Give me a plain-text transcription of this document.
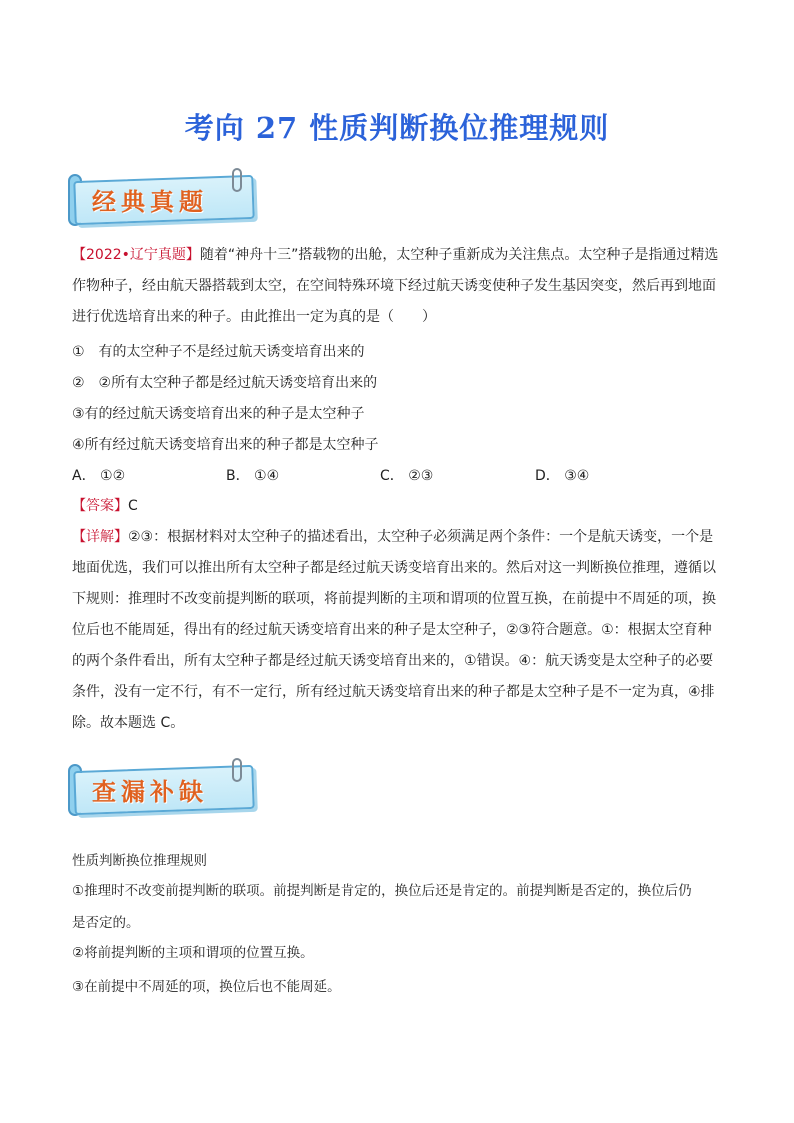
考向 27 性质判断换位推理规则
经典真题
【2022•辽宁真题】随着“神舟十三”搭载物的出舱，太空种子重新成为关注焦点。太空种子是指通过精选
作物种子，经由航天器搭载到太空，在空间特殊环境下经过航天诱变使种子发生基因突变，然后再到地面
进行优选培育出来的种子。由此推出一定为真的是（　　）
①　有的太空种子不是经过航天诱变培育出来的
②　②所有太空种子都是经过航天诱变培育出来的
③有的经过航天诱变培育出来的种子是太空种子
④所有经过航天诱变培育出来的种子都是太空种子
A． ①②	B． ①④	C． ②③	D． ③④
【答案】C
【详解】②③：根据材料对太空种子的描述看出，太空种子必须满足两个条件：一个是航天诱变，一个是
地面优选，我们可以推出所有太空种子都是经过航天诱变培育出来的。然后对这一判断换位推理，遵循以
下规则：推理时不改变前提判断的联项，将前提判断的主项和谓项的位置互换，在前提中不周延的项，换
位后也不能周延，得出有的经过航天诱变培育出来的种子是太空种子，②③符合题意。①：根据太空育种
的两个条件看出，所有太空种子都是经过航天诱变培育出来的，①错误。④：航天诱变是太空种子的必要
条件，没有一定不行，有不一定行，所有经过航天诱变培育出来的种子都是太空种子是不一定为真，④排
除。故本题选 C。
查漏补缺
性质判断换位推理规则
①推理时不改变前提判断的联项。前提判断是肯定的，换位后还是肯定的。前提判断是否定的，换位后仍
是否定的。
②将前提判断的主项和谓项的位置互换。
③在前提中不周延的项，换位后也不能周延。
